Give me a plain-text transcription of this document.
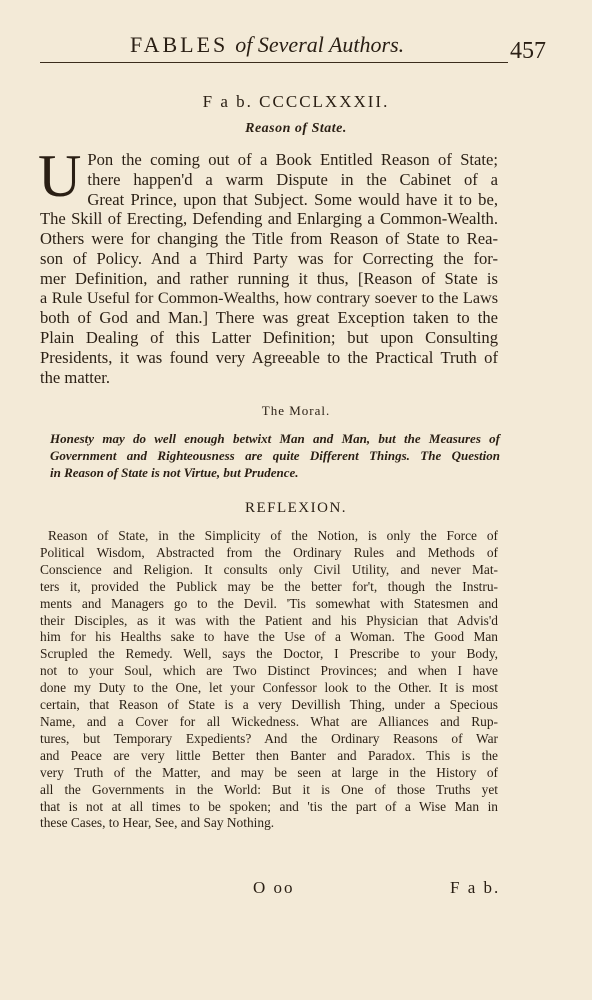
FABLES of Several Authors.	457
F a b. CCCCLXXXII.
Reason of State.
U Pon the coming out of a Book Entitled Reason of State;
there happen'd a warm Dispute in the Cabinet of a
Great Prince, upon that Subject. Some would have it to be,
The Skill of Erecting, Defending and Enlarging a Common-Wealth.
Others were for changing the Title from Reason of State to Rea-
son of Policy. And a Third Party was for Correcting the for-
mer Definition, and rather running it thus, [Reason of State is
a Rule Useful for Common-Wealths, how contrary soever to the Laws
both of God and Man.] There was great Exception taken to the
Plain Dealing of this Latter Definition; but upon Consulting
Presidents, it was found very Agreeable to the Practical Truth of
the matter.
The Moral.
Honesty may do well enough betwixt Man and Man, but the Measures of
Government and Righteousness are quite Different Things. The Question
in Reason of State is not Virtue, but Prudence.
REFLEXION.
Reason of State, in the Simplicity of the Notion, is only the Force of
Political Wisdom, Abstracted from the Ordinary Rules and Methods of
Conscience and Religion. It consults only Civil Utility, and never Mat-
ters it, provided the Publick may be the better for't, though the Instru-
ments and Managers go to the Devil. 'Tis somewhat with Statesmen and
their Disciples, as it was with the Patient and his Physician that Advis'd
him for his Healths sake to have the Use of a Woman. The Good Man
Scrupled the Remedy. Well, says the Doctor, I Prescribe to your Body,
not to your Soul, which are Two Distinct Provinces; and when I have
done my Duty to the One, let your Confessor look to the Other. It is most
certain, that Reason of State is a very Devillish Thing, under a Specious
Name, and a Cover for all Wickedness. What are Alliances and Rup-
tures, but Temporary Expedients? And the Ordinary Reasons of War
and Peace are very little Better then Banter and Paradox. This is the
very Truth of the Matter, and may be seen at large in the History of
all the Governments in the World: But it is One of those Truths yet
that is not at all times to be spoken; and 'tis the part of a Wise Man in
these Cases, to Hear, See, and Say Nothing.
O oo	F a b.
